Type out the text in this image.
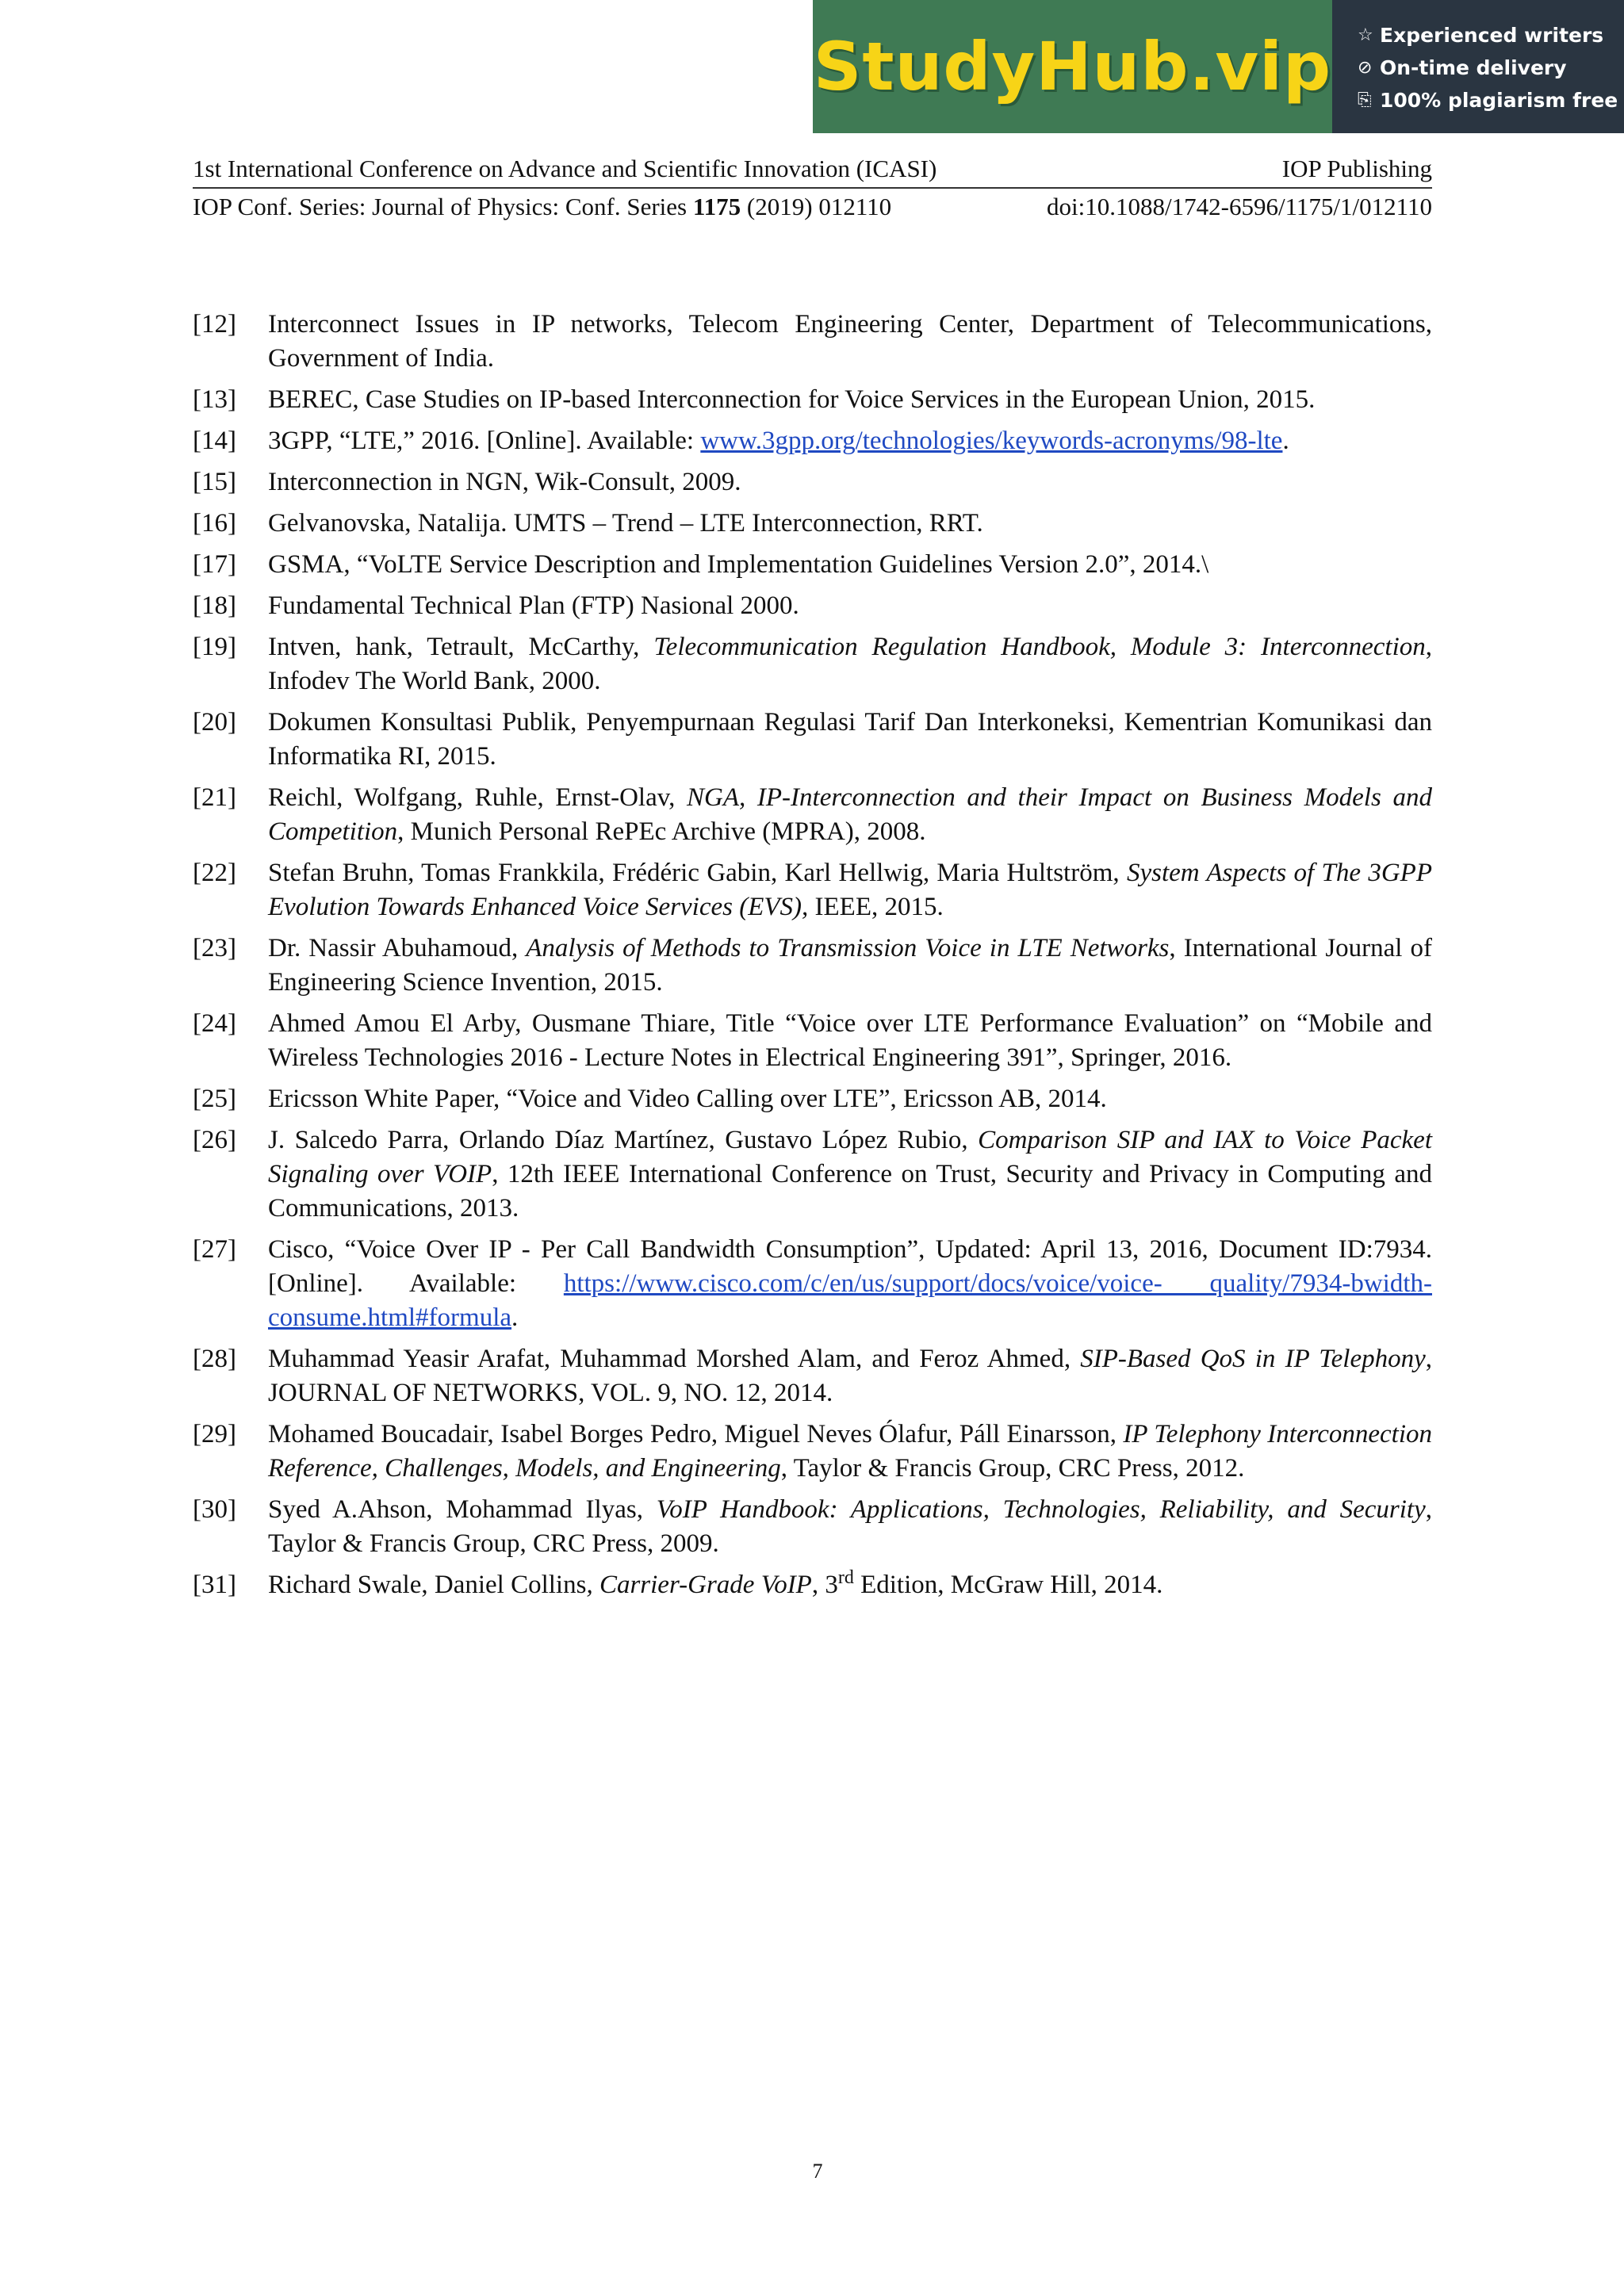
StudyHub.vip ☆ Experienced writers
⊘ On-time delivery
⎘ 100% plagiarism free
1st International Conference on Advance and Scientific Innovation (ICASI)	IOP Publishing
IOP Conf. Series: Journal of Physics: Conf. Series 1175 (2019) 012110	doi:10.1088/1742-6596/1175/1/012110
[12]	Interconnect Issues in IP networks, Telecom Engineering Center, Department of Telecommunications, Government of India.
[13]	BEREC, Case Studies on IP-based Interconnection for Voice Services in the European Union, 2015.
[14]	3GPP, “LTE,” 2016. [Online]. Available: www.3gpp.org/technologies/keywords-acronyms/98-lte.
[15]	Interconnection in NGN, Wik-Consult, 2009.
[16]	Gelvanovska, Natalija. UMTS – Trend – LTE Interconnection, RRT.
[17]	GSMA, “VoLTE Service Description and Implementation Guidelines Version 2.0”, 2014.\
[18]	Fundamental Technical Plan (FTP) Nasional 2000.
[19]	Intven, hank, Tetrault, McCarthy, Telecommunication Regulation Handbook, Module 3: Interconnection, Infodev The World Bank, 2000.
[20]	Dokumen Konsultasi Publik, Penyempurnaan Regulasi Tarif Dan Interkoneksi, Kementrian Komunikasi dan Informatika RI, 2015.
[21]	Reichl, Wolfgang, Ruhle, Ernst-Olav, NGA, IP-Interconnection and their Impact on Business Models and Competition, Munich Personal RePEc Archive (MPRA), 2008.
[22]	Stefan Bruhn, Tomas Frankkila, Frédéric Gabin, Karl Hellwig, Maria Hultström, System Aspects of The 3GPP Evolution Towards Enhanced Voice Services (EVS), IEEE, 2015.
[23]	Dr. Nassir Abuhamoud, Analysis of Methods to Transmission Voice in LTE Networks, International Journal of Engineering Science Invention, 2015.
[24]	Ahmed Amou El Arby, Ousmane Thiare, Title “Voice over LTE Performance Evaluation” on “Mobile and Wireless Technologies 2016 - Lecture Notes in Electrical Engineering 391”, Springer, 2016.
[25]	Ericsson White Paper, “Voice and Video Calling over LTE”, Ericsson AB, 2014.
[26]	J. Salcedo Parra, Orlando Díaz Martínez, Gustavo López Rubio, Comparison SIP and IAX to Voice Packet Signaling over VOIP, 12th IEEE International Conference on Trust, Security and Privacy in Computing and Communications, 2013.
[27]	Cisco, “Voice Over IP - Per Call Bandwidth Consumption”, Updated: April 13, 2016, Document ID:7934. [Online]. Available: https://www.cisco.com/c/en/us/support/docs/voice/voice- quality/7934-bwidth-consume.html#formula.
[28]	Muhammad Yeasir Arafat, Muhammad Morshed Alam, and Feroz Ahmed, SIP-Based QoS in IP Telephony, JOURNAL OF NETWORKS, VOL. 9, NO. 12, 2014.
[29]	Mohamed Boucadair, Isabel Borges Pedro, Miguel Neves Ólafur, Páll Einarsson, IP Telephony Interconnection Reference, Challenges, Models, and Engineering, Taylor & Francis Group, CRC Press, 2012.
[30]	Syed A.Ahson, Mohammad Ilyas, VoIP Handbook: Applications, Technologies, Reliability, and Security, Taylor & Francis Group, CRC Press, 2009.
[31]	Richard Swale, Daniel Collins, Carrier-Grade VoIP, 3rd Edition, McGraw Hill, 2014.
7
